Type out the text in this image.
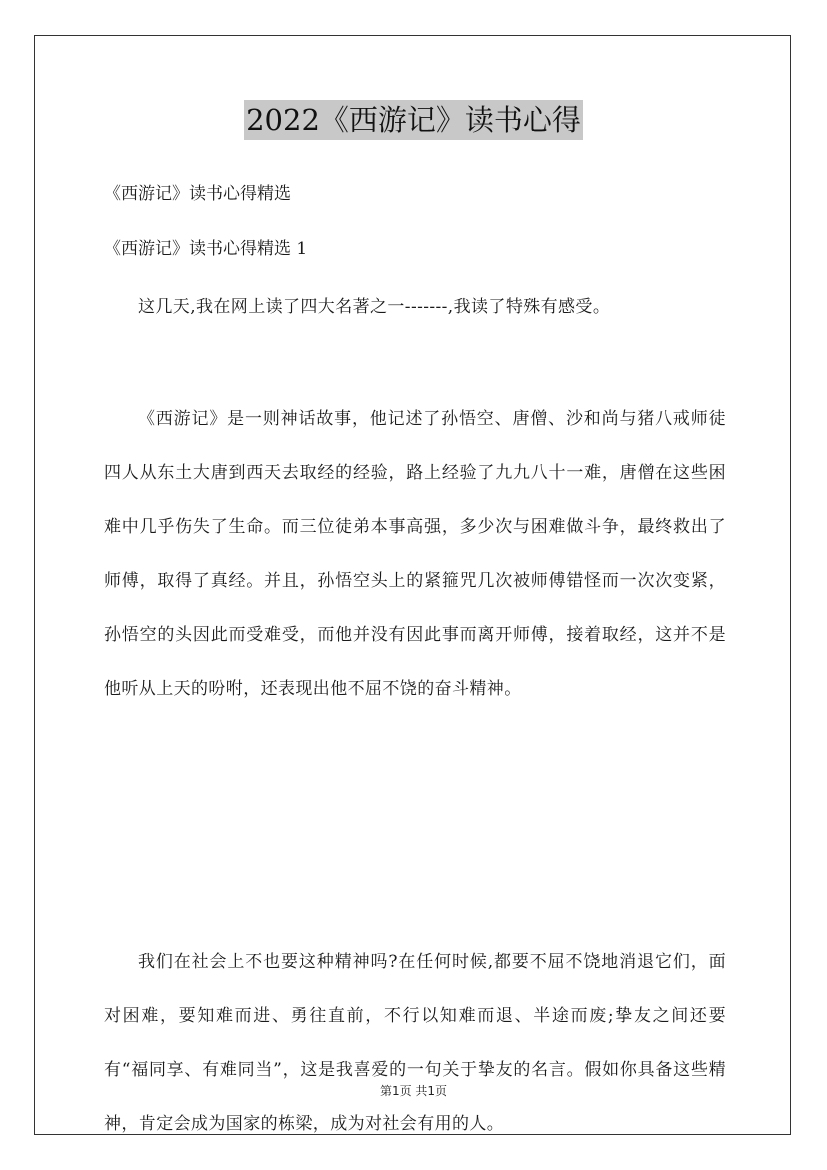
2022《西游记》读书心得

《西游记》读书心得精选

《西游记》读书心得精选 1

这几天,我在网上读了四大名著之一-------,我读了特殊有感受。

《西游记》是一则神话故事，他记述了孙悟空、唐僧、沙和尚与猪八戒师徒四人从东土大唐到西天去取经的经验，路上经验了九九八十一难，唐僧在这些困难中几乎伤失了生命。而三位徒弟本事高强，多少次与困难做斗争，最终救出了师傅，取得了真经。并且，孙悟空头上的紧箍咒几次被师傅错怪而一次次变紧，孙悟空的头因此而受难受，而他并没有因此事而离开师傅，接着取经，这并不是他听从上天的吩咐，还表现出他不屈不饶的奋斗精神。

我们在社会上不也要这种精神吗?在任何时候,都要不屈不饶地消退它们，面对困难，要知难而进、勇往直前，不行以知难而退、半途而废;挚友之间还要有“福同享、有难同当”，这是我喜爱的一句关于挚友的名言。假如你具备这些精神，肯定会成为国家的栋梁，成为对社会有用的人。

第1页 共1页
